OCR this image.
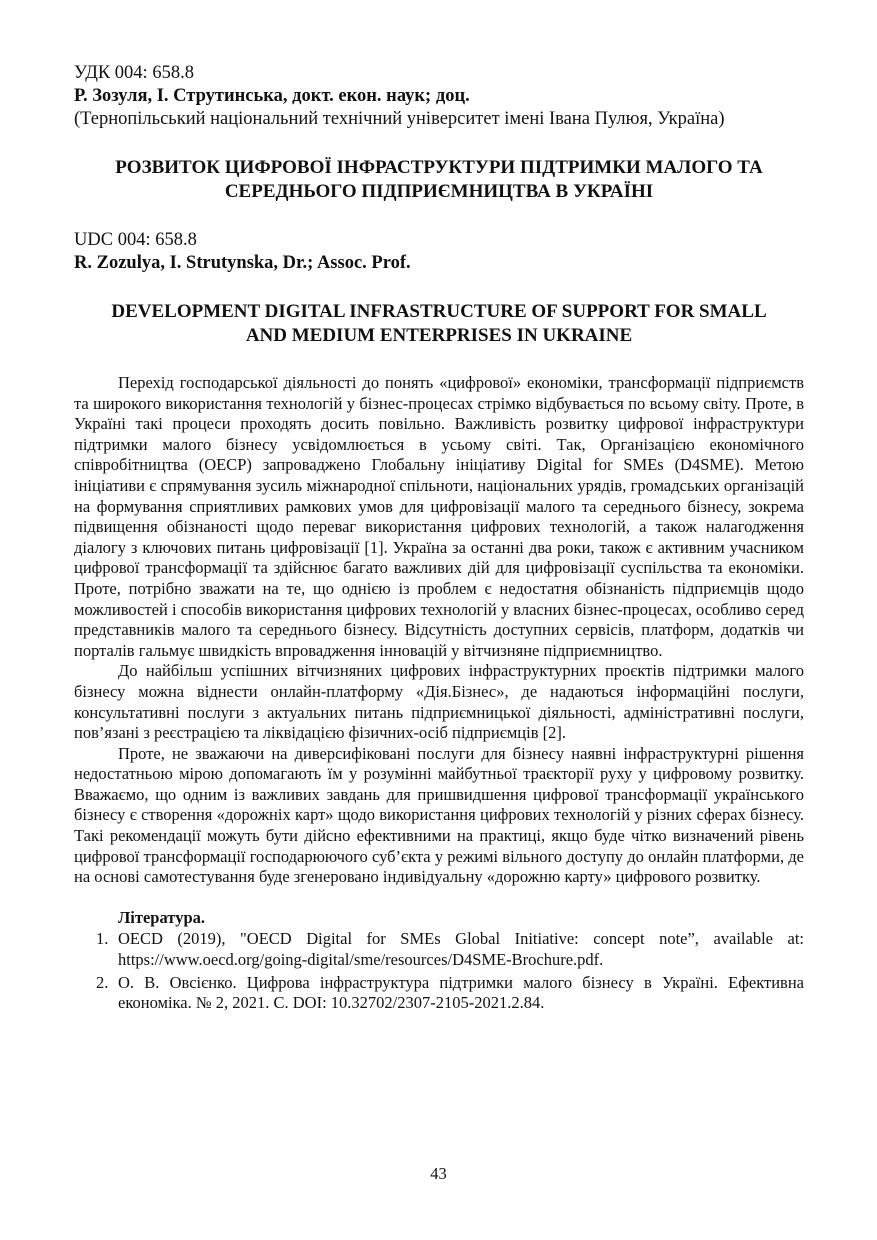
УДК 004: 658.8

Р. Зозуля, І. Струтинська, докт. екон. наук; доц.

(Тернопільський національний технічний університет імені Івана Пулюя, Україна)

РОЗВИТОК ЦИФРОВОЇ ІНФРАСТРУКТУРИ ПІДТРИМКИ МАЛОГО ТА
СЕРЕДНЬОГО ПІДПРИЄМНИЦТВА В УКРАЇНІ

UDC 004: 658.8

R. Zozulya, I. Strutynska, Dr.; Assoc. Prof.

DEVELOPMENT DIGITAL INFRASTRUCTURE OF SUPPORT FOR SMALL
AND MEDIUM ENTERPRISES IN UKRAINE

Перехід господарської діяльності до понять «цифрової» економіки, трансформації підприємств та широкого використання технологій у бізнес-процесах стрімко відбувається по всьому світу. Проте, в Україні такі процеси проходять досить повільно. Важливість розвитку цифрової інфраструктури підтримки малого бізнесу усвідомлюється в усьому світі. Так, Організацією економічного співробітництва (ОЕСР) запроваджено Глобальну ініціативу Digital for SMEs (D4SME). Метою ініціативи є спрямування зусиль міжнародної спільноти, національних урядів, громадських організацій на формування сприятливих рамкових умов для цифровізації малого та середнього бізнесу, зокрема підвищення обізнаності щодо переваг використання цифрових технологій, а також налагодження діалогу з ключових питань цифровізації [1]. Україна за останні два роки, також є активним учасником цифрової трансформації та здійснює багато важливих дій для цифровізації суспільства та економіки. Проте, потрібно зважати на те, що однією із проблем є недостатня обізнаність підприємців щодо можливостей і способів використання цифрових технологій у власних бізнес-процесах, особливо серед представників малого та середнього бізнесу. Відсутність доступних сервісів, платформ, додатків чи порталів гальмує швидкість впровадження інновацій у вітчизняне підприємництво.

До найбільш успішних вітчизняних цифрових інфраструктурних проєктів підтримки малого бізнесу можна віднести онлайн-платформу «Дія.Бізнес», де надаються інформаційні послуги, консультативні послуги з актуальних питань підприємницької діяльності, адміністративні послуги, пов’язані з реєстрацією та ліквідацією фізичних-осіб підприємців [2].

Проте, не зважаючи на диверсифіковані послуги для бізнесу наявні інфраструктурні рішення недостатньою мірою допомагають їм у розумінні майбутньої траєкторії руху у цифровому розвитку. Вважаємо, що одним із важливих завдань для пришвидшення цифрової трансформації українського бізнесу є створення «дорожніх карт» щодо використання цифрових технологій у різних сферах бізнесу. Такі рекомендації можуть бути дійсно ефективними на практиці, якщо буде чітко визначений рівень цифрової трансформації господарюючого суб’єкта у режимі вільного доступу до онлайн платформи, де на основі самотестування буде згенеровано індивідуальну «дорожню карту» цифрового розвитку.

Література.

1. OECD (2019), "OECD Digital for SMEs Global Initiative: concept note”, available at: https://www.oecd.org/going-digital/sme/resources/D4SME-Brochure.pdf.
2. О. В. Овсієнко. Цифрова інфраструктура підтримки малого бізнесу в Україні. Ефективна економіка. № 2, 2021. С. DOI: 10.32702/2307-2105-2021.2.84.
43
